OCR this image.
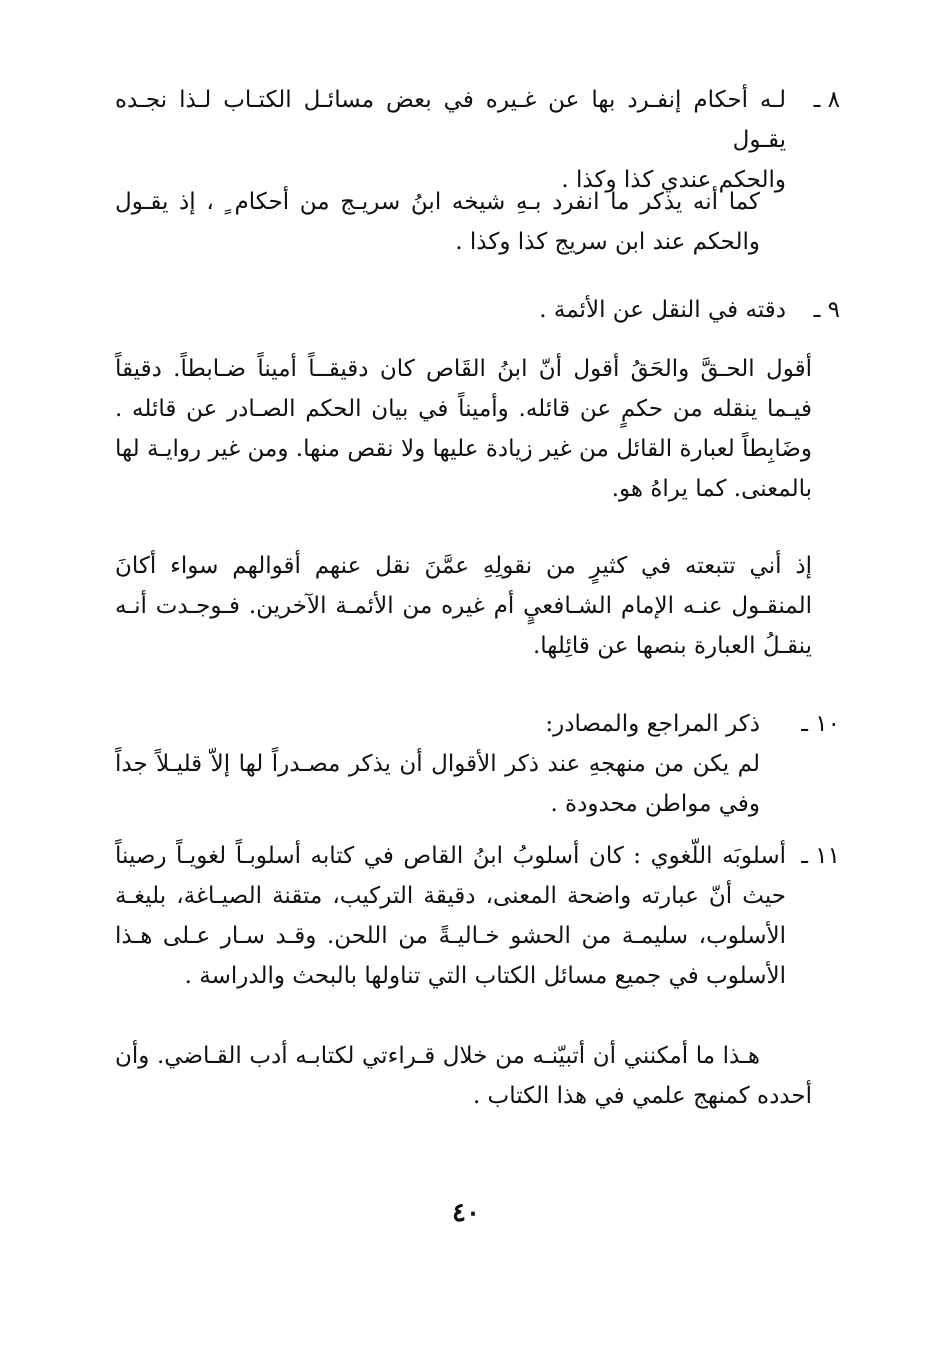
٨ ـ

لـه أحكام إنفـرد بها عن غـيره في بعض مسائـل الكتـاب لـذا نجـده يقـول

والحكم عندي كذا وكذا .

كما أنه يذكر ما انفرد بـهِ شيخه ابنُ سريـج من أحكام ٍ ، إذ يقـول والحكم عند ابن سريج كذا وكذا .

٩ ـ
دقته في النقل عن الأئمة .

أقول الحـقَّ والحَقُ أقول أنّ ابنُ القَاص كان دقيقــاً أميناً ضـابطاً. دقيقاً فيـما ينقله من حكمٍ عن قائله. وأميناً في بيان الحكم الصـادر عن قائله . وضَابِطاً لعبارة القائل من غير زيادة عليها ولا نقص منها. ومن غير روايـة لها بالمعنى. كما يراهُ هو.

إذ أني تتبعته في كثيرٍ من نقولِهِ عمَّنَ نقل عنهم أقوالهم سواء أكانَ المنقـول عنـه الإمام الشـافعيٍ أم غيره من الأئمـة الآخرين. فـوجـدت أنـه ينقـلُ العبارة بنصها عن قائِلها.

١٠ ـ
ذكر المراجع والمصادر:

لم يكن من منهجهِ عند ذكر الأقوال أن يذكر مصـدراً لها إلاّ قليـلاً جداً وفي مواطن محدودة .

١١ ـ
أسلوبَه اللّغوي : كان أسلوبُ ابنُ القاص في كتابه أسلوبـاً لغويـاً رصيناً حيث أنّ عبارته واضحة المعنى، دقيقة التركيب، متقنة الصيـاغة، بليغـة الأسلوب، سليمـة من الحشو خـاليـةً من اللحن. وقـد سـار عـلى هـذا الأسلوب في جميع مسائل الكتاب التي تناولها بالبحث والدراسة .

هـذا ما أمكنني أن أتبيّنـه من خلال قـراءتي لكتابـه أدب القـاضي. وأن
أحدده كمنهج علمي في هذا الكتاب .

٤٠
